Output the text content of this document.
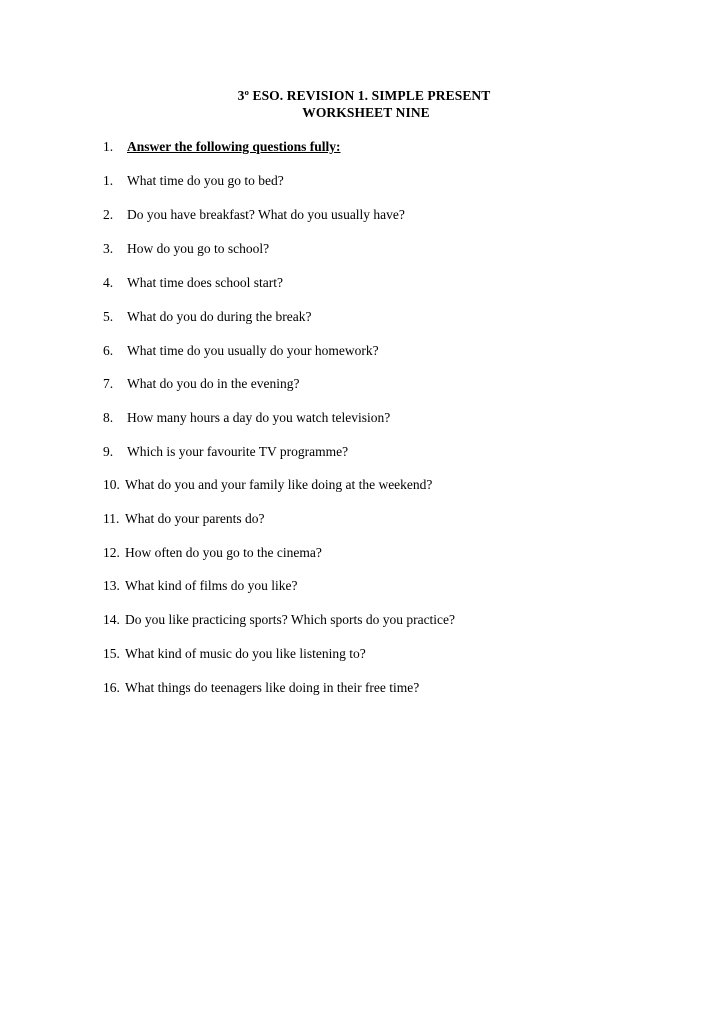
3º ESO. REVISION 1. SIMPLE PRESENT
WORKSHEET NINE
1. Answer the following questions fully:
1. What time do you go to bed?
2. Do you have breakfast? What do you usually have?
3. How do you go to school?
4. What time does school start?
5. What do you do during the break?
6. What time do you usually do your homework?
7. What do you do in the evening?
8. How many hours a day do you watch television?
9. Which is your favourite TV programme?
10. What do you and your family like doing at the weekend?
11. What do your parents do?
12. How often do you go to the cinema?
13. What kind of films do you like?
14. Do you like practicing sports? Which sports do you practice?
15. What kind of music do you like listening to?
16. What things do teenagers like doing in their free time?
